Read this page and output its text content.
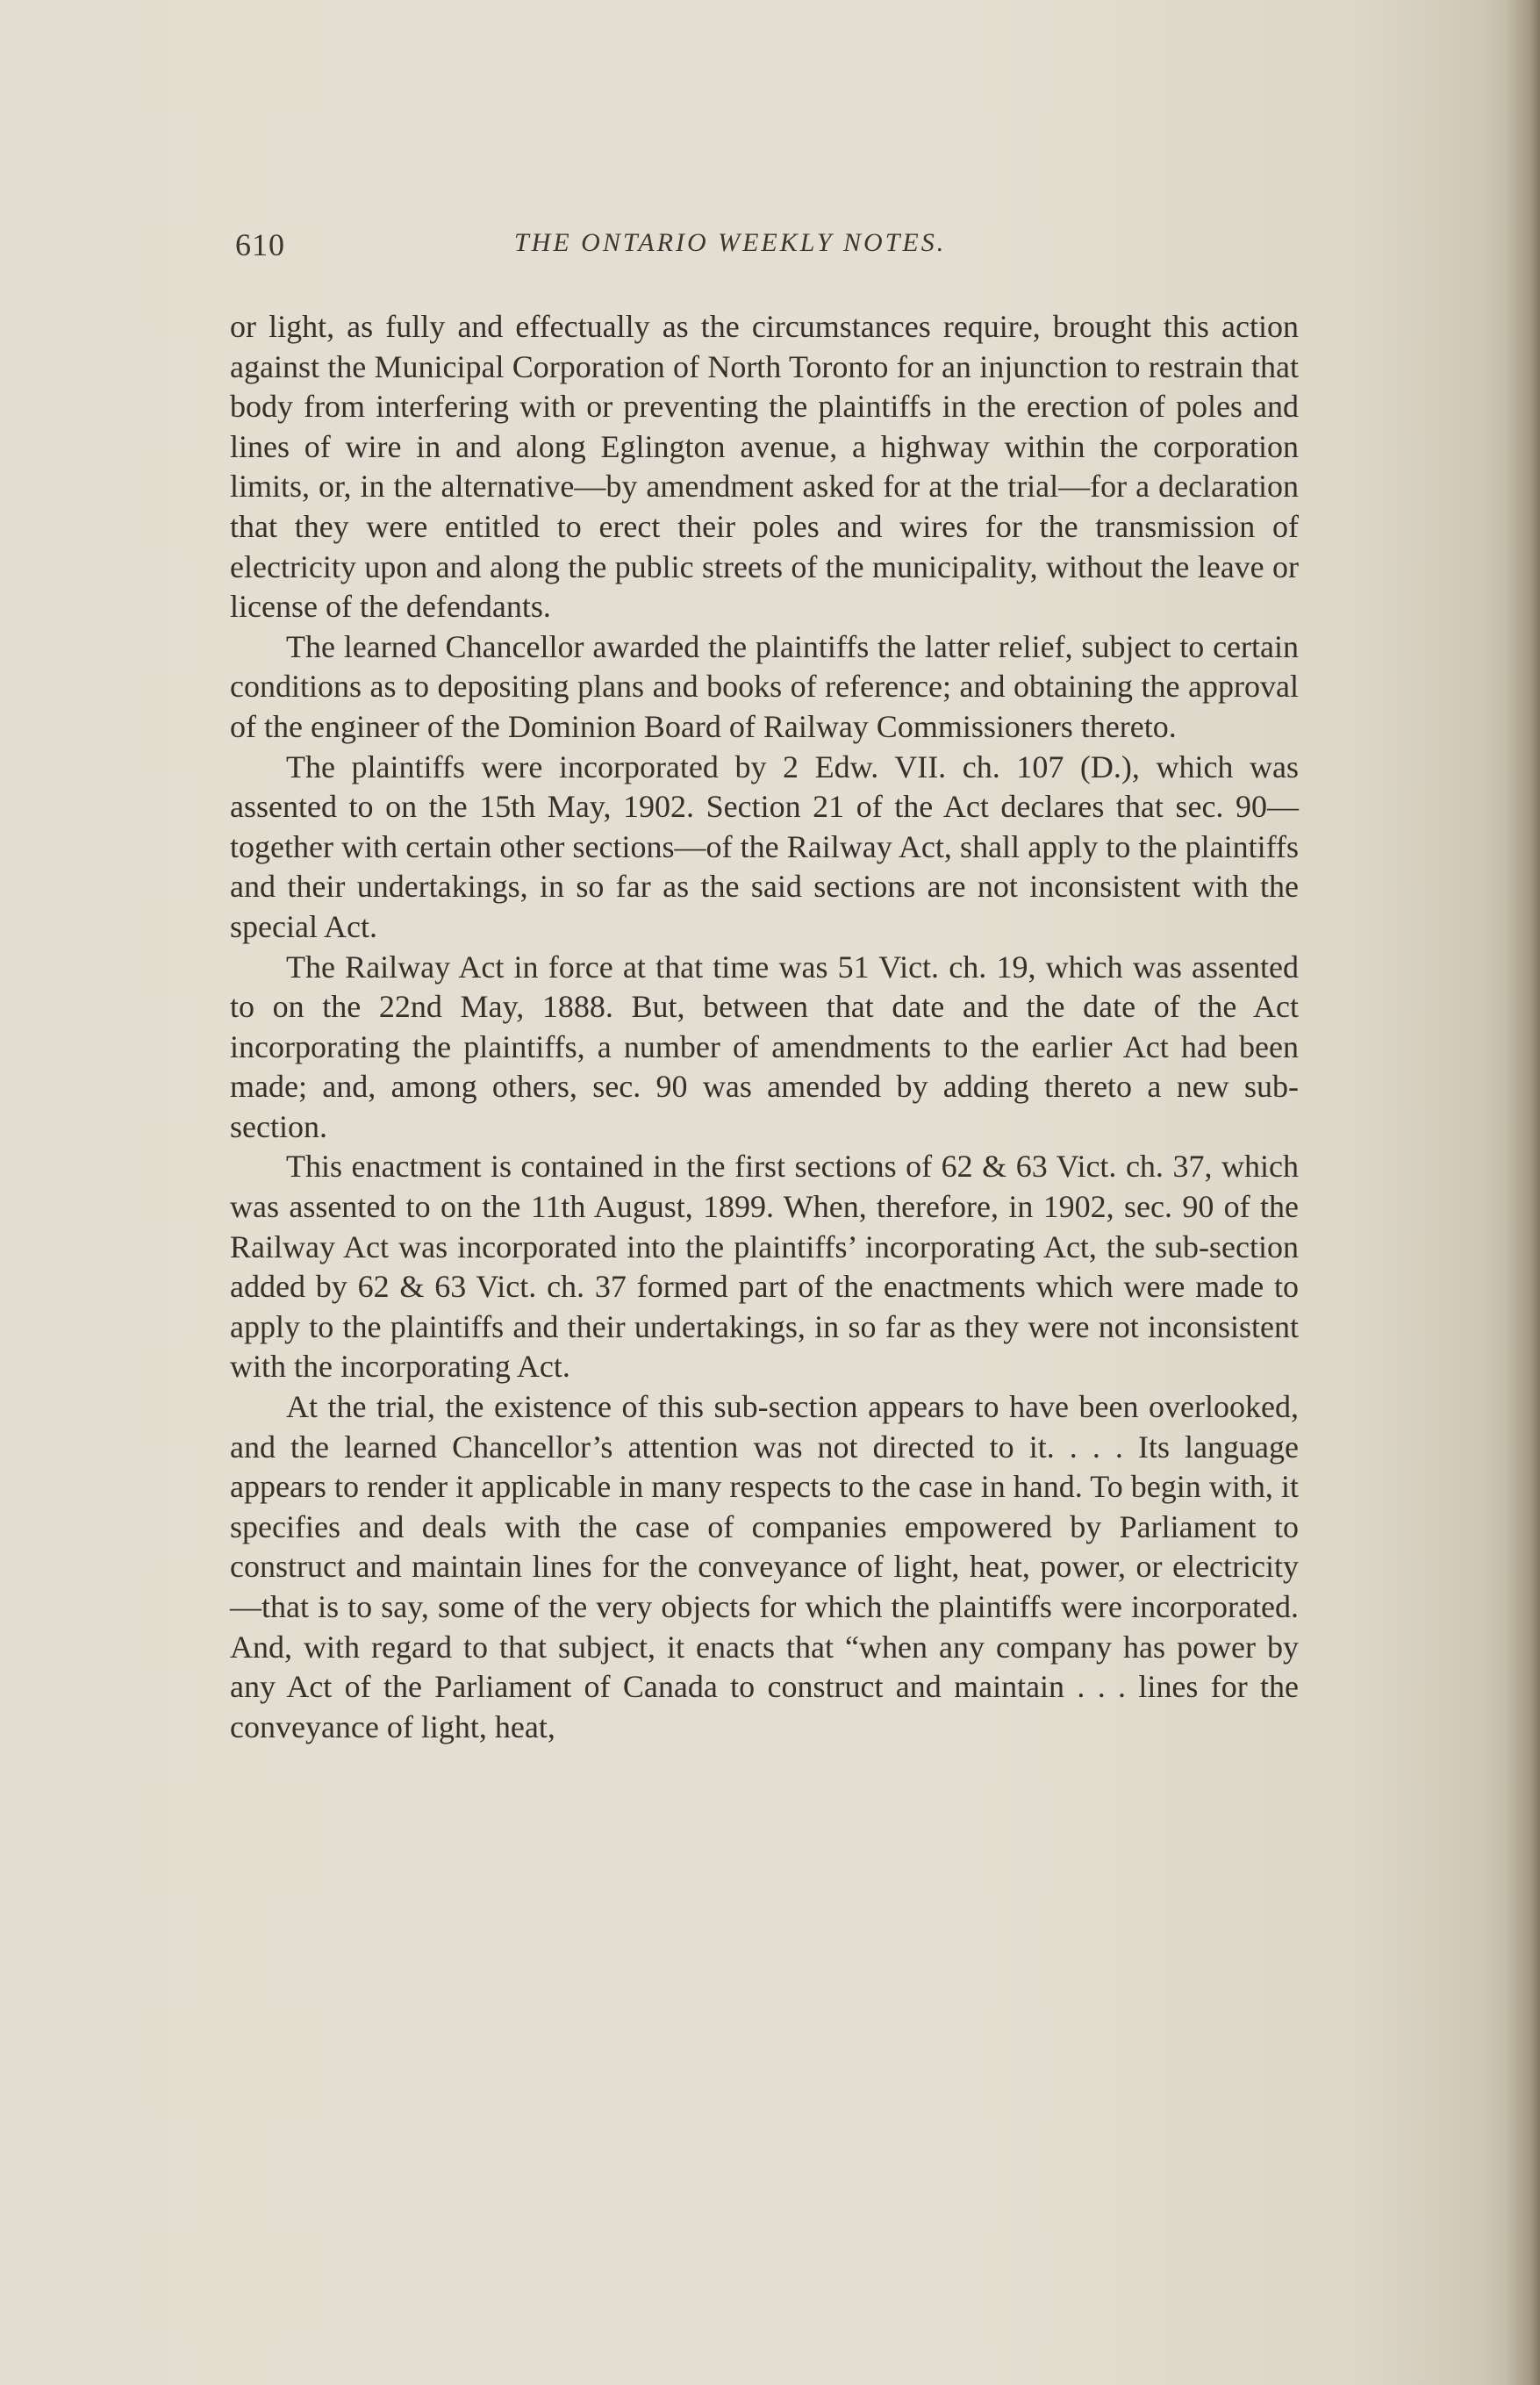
610	THE ONTARIO WEEKLY NOTES.

or light, as fully and effectually as the circumstances require, brought this action against the Municipal Corporation of North Toronto for an injunction to restrain that body from interfering with or preventing the plaintiffs in the erection of poles and lines of wire in and along Eglington avenue, a highway within the corporation limits, or, in the alternative—by amendment asked for at the trial—for a declaration that they were entitled to erect their poles and wires for the transmission of electricity upon and along the public streets of the municipality, without the leave or license of the defendants.

The learned Chancellor awarded the plaintiffs the latter relief, subject to certain conditions as to depositing plans and books of reference; and obtaining the approval of the engineer of the Dominion Board of Railway Commissioners thereto.

The plaintiffs were incorporated by 2 Edw. VII. ch. 107 (D.), which was assented to on the 15th May, 1902. Section 21 of the Act declares that sec. 90—together with certain other sections—of the Railway Act, shall apply to the plaintiffs and their undertakings, in so far as the said sections are not inconsistent with the special Act.

The Railway Act in force at that time was 51 Vict. ch. 19, which was assented to on the 22nd May, 1888. But, between that date and the date of the Act incorporating the plaintiffs, a number of amendments to the earlier Act had been made; and, among others, sec. 90 was amended by adding thereto a new sub-section.

This enactment is contained in the first sections of 62 & 63 Vict. ch. 37, which was assented to on the 11th August, 1899. When, therefore, in 1902, sec. 90 of the Railway Act was incorporated into the plaintiffs’ incorporating Act, the sub-section added by 62 & 63 Vict. ch. 37 formed part of the enactments which were made to apply to the plaintiffs and their undertakings, in so far as they were not inconsistent with the incorporating Act.

At the trial, the existence of this sub-section appears to have been overlooked, and the learned Chancellor’s attention was not directed to it. . . . Its language appears to render it applicable in many respects to the case in hand. To begin with, it specifies and deals with the case of companies empowered by Parliament to construct and maintain lines for the conveyance of light, heat, power, or electricity—that is to say, some of the very objects for which the plaintiffs were incorporated. And, with regard to that subject, it enacts that “when any company has power by any Act of the Parliament of Canada to construct and maintain . . . lines for the conveyance of light, heat,
